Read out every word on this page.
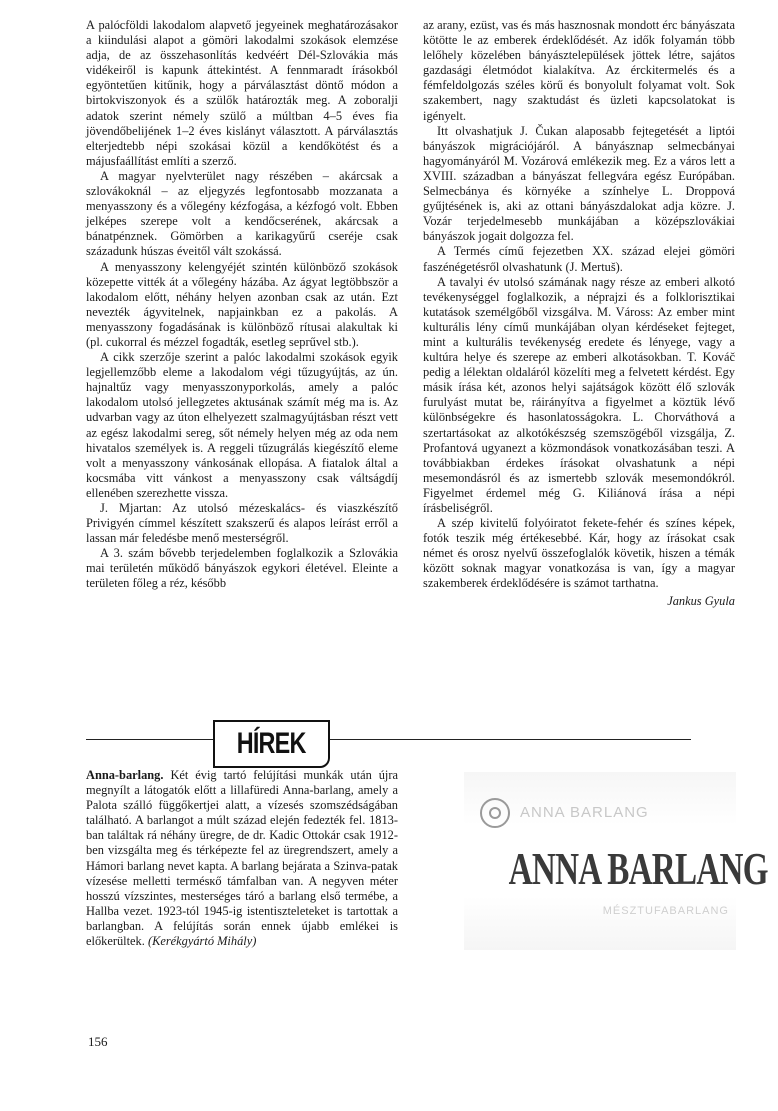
A palócföldi lakodalom alapvető jegyeinek meghatározásakor a kiindulási alapot a gömöri lakodalmi szokások elemzése adja, de az összehasonlítás kedvéért Dél-Szlovákia más vidékeiről is kapunk áttekintést. A fennmaradt írásokból egyöntetűen kitűnik, hogy a párválasztást döntő módon a birtokviszonyok és a szülők határozták meg. A zoboralji adatok szerint némely szülő a múltban 4–5 éves fia jövendőbelijének 1–2 éves kislányt választott. A párválasztás elterjedtebb népi szokásai közül a kendőkötést és a májusfaállítást említi a szerző.

A magyar nyelvterület nagy részében – akárcsak a szlovákoknál – az eljegyzés legfontosabb mozzanata a menyasszony és a vőlegény kézfogása, a kézfogó volt. Ebben jelképes szerepe volt a kendőcserének, akárcsak a bánatpénznek. Gömörben a karikagyűrű cseréje csak századunk húszas éveitől vált szokássá.

A menyasszony kelengyéjét szintén különböző szokások közepette vitték át a vőlegény házába. Az ágyat legtöbbször a lakodalom előtt, néhány helyen azonban csak az után. Ezt nevezték ágyvitelnek, napjainkban ez a pakolás. A menyasszony fogadásának is különböző rítusai alakultak ki (pl. cukorral és mézzel fogadták, esetleg seprűvel stb.).

A cikk szerzője szerint a palóc lakodalmi szokások egyik legjellemzőbb eleme a lakodalom végi tűzugyújtás, az ún. hajnaltűz vagy menyasszonyporkolás, amely a palóc lakodalom utolsó jellegzetes aktusának számít még ma is. Az udvarban vagy az úton elhelyezett szalmagyújtásban részt vett az egész lakodalmi sereg, sőt némely helyen még az oda nem hivatalos személyek is. A reggeli tűzugrálás kiegészítő eleme volt a menyasszony vánkosának ellopása. A fiatalok által a kocsmába vitt vánkost a menyasszony csak váltságdíj ellenében szerezhette vissza.

J. Mjartan: Az utolsó mézeskalács- és viaszkészítő Privigyén címmel készített szakszerű és alapos leírást erről a lassan már feledésbe menő mesterségről.

A 3. szám bővebb terjedelemben foglalkozik a Szlovákia mai területén működő bányászok egykori életével. Eleinte a területen főleg a réz, később

az arany, ezüst, vas és más hasznosnak mondott érc bányászata kötötte le az emberek érdeklődését. Az idők folyamán több lelőhely közelében bányásztelepülések jöttek létre, sajátos gazdasági életmódot kialakítva. Az érckitermelés és a fémfeldolgozás széles körű és bonyolult folyamat volt. Sok szakembert, nagy szaktudást és üzleti kapcsolatokat is igényelt.

Itt olvashatjuk J. Čukan alaposabb fejtegetését a liptói bányászok migrációjáról. A bányásznap selmecbányai hagyományáról M. Vozárová emlékezik meg. Ez a város lett a XVIII. században a bányászat fellegvára egész Európában. Selmecbánya és környéke a színhelye L. Droppová gyűjtésének is, aki az ottani bányászdalokat adja közre. J. Vozár terjedelmesebb munkájában a középszlovákiai bányászok jogait dolgozza fel.

A Termés című fejezetben XX. század elejei gömöri faszénégetésről olvashatunk (J. Mertuš).

A tavalyi év utolsó számának nagy része az emberi alkotó tevékenységgel foglalkozik, a néprajzi és a folklorisztikai kutatások személgőből vizsgálva. M. Váross: Az ember mint kulturális lény című munkájában olyan kérdéseket fejteget, mint a kulturális tevékenység eredete és lényege, vagy a kultúra helye és szerepe az emberi alkotásokban. T. Kováč pedig a lélektan oldaláról közelíti meg a felvetett kérdést. Egy másik írása két, azonos helyi sajátságok között élő szlovák furulyást mutat be, ráirányítva a figyelmet a köztük lévő különbségekre és hasonlatosságokra. L. Chorváthová a szertartásokat az alkotókészség szemszögéből vizsgálja, Z. Profantová ugyanezt a közmondások vonatkozásában teszi. A továbbiakban érdekes írásokat olvashatunk a népi mesemondásról és az ismertebb szlovák mesemondókról. Figyelmet érdemel még G. Kiliánová írása a népi írásbeliségről.

A szép kivitelű folyóiratot fekete-fehér és színes képek, fotók teszik még értékesebbé. Kár, hogy az írásokat csak német és orosz nyelvű összefoglalók követik, hiszen a témák között soknak magyar vonatkozása is van, így a magyar szakemberek érdeklődésére is számot tarthatna.

Jankus Gyula

HÍREK

Anna-barlang. Két évig tartó felújítási munkák után újra megnyílt a látogatók előtt a lillafüredi Anna-barlang, amely a Palota szálló függőkertjei alatt, a vízesés szomszédságában található. A barlangot a múlt század elején fedezték fel. 1813-ban találtak rá néhány üregre, de dr. Kadic Ottokár csak 1912-ben vizsgálta meg és térképezte fel az üregrendszert, amely a Hámori barlang nevet kapta. A barlang bejárata a Szinva-patak vízesése melletti termésкő támfalban van. A negyven méter hosszú vízszintes, mesterséges táró a barlang első termébe, a Hallba vezet. 1923-tól 1945-ig istentiszteleteket is tartottak a barlangban. A felújítás során ennek újabb emlékei is előkerültek. (Kerékgyártó Mihály)

ANNA BARLANG
ANNA BARLANG
MÉSZTUFABARLANG
156
